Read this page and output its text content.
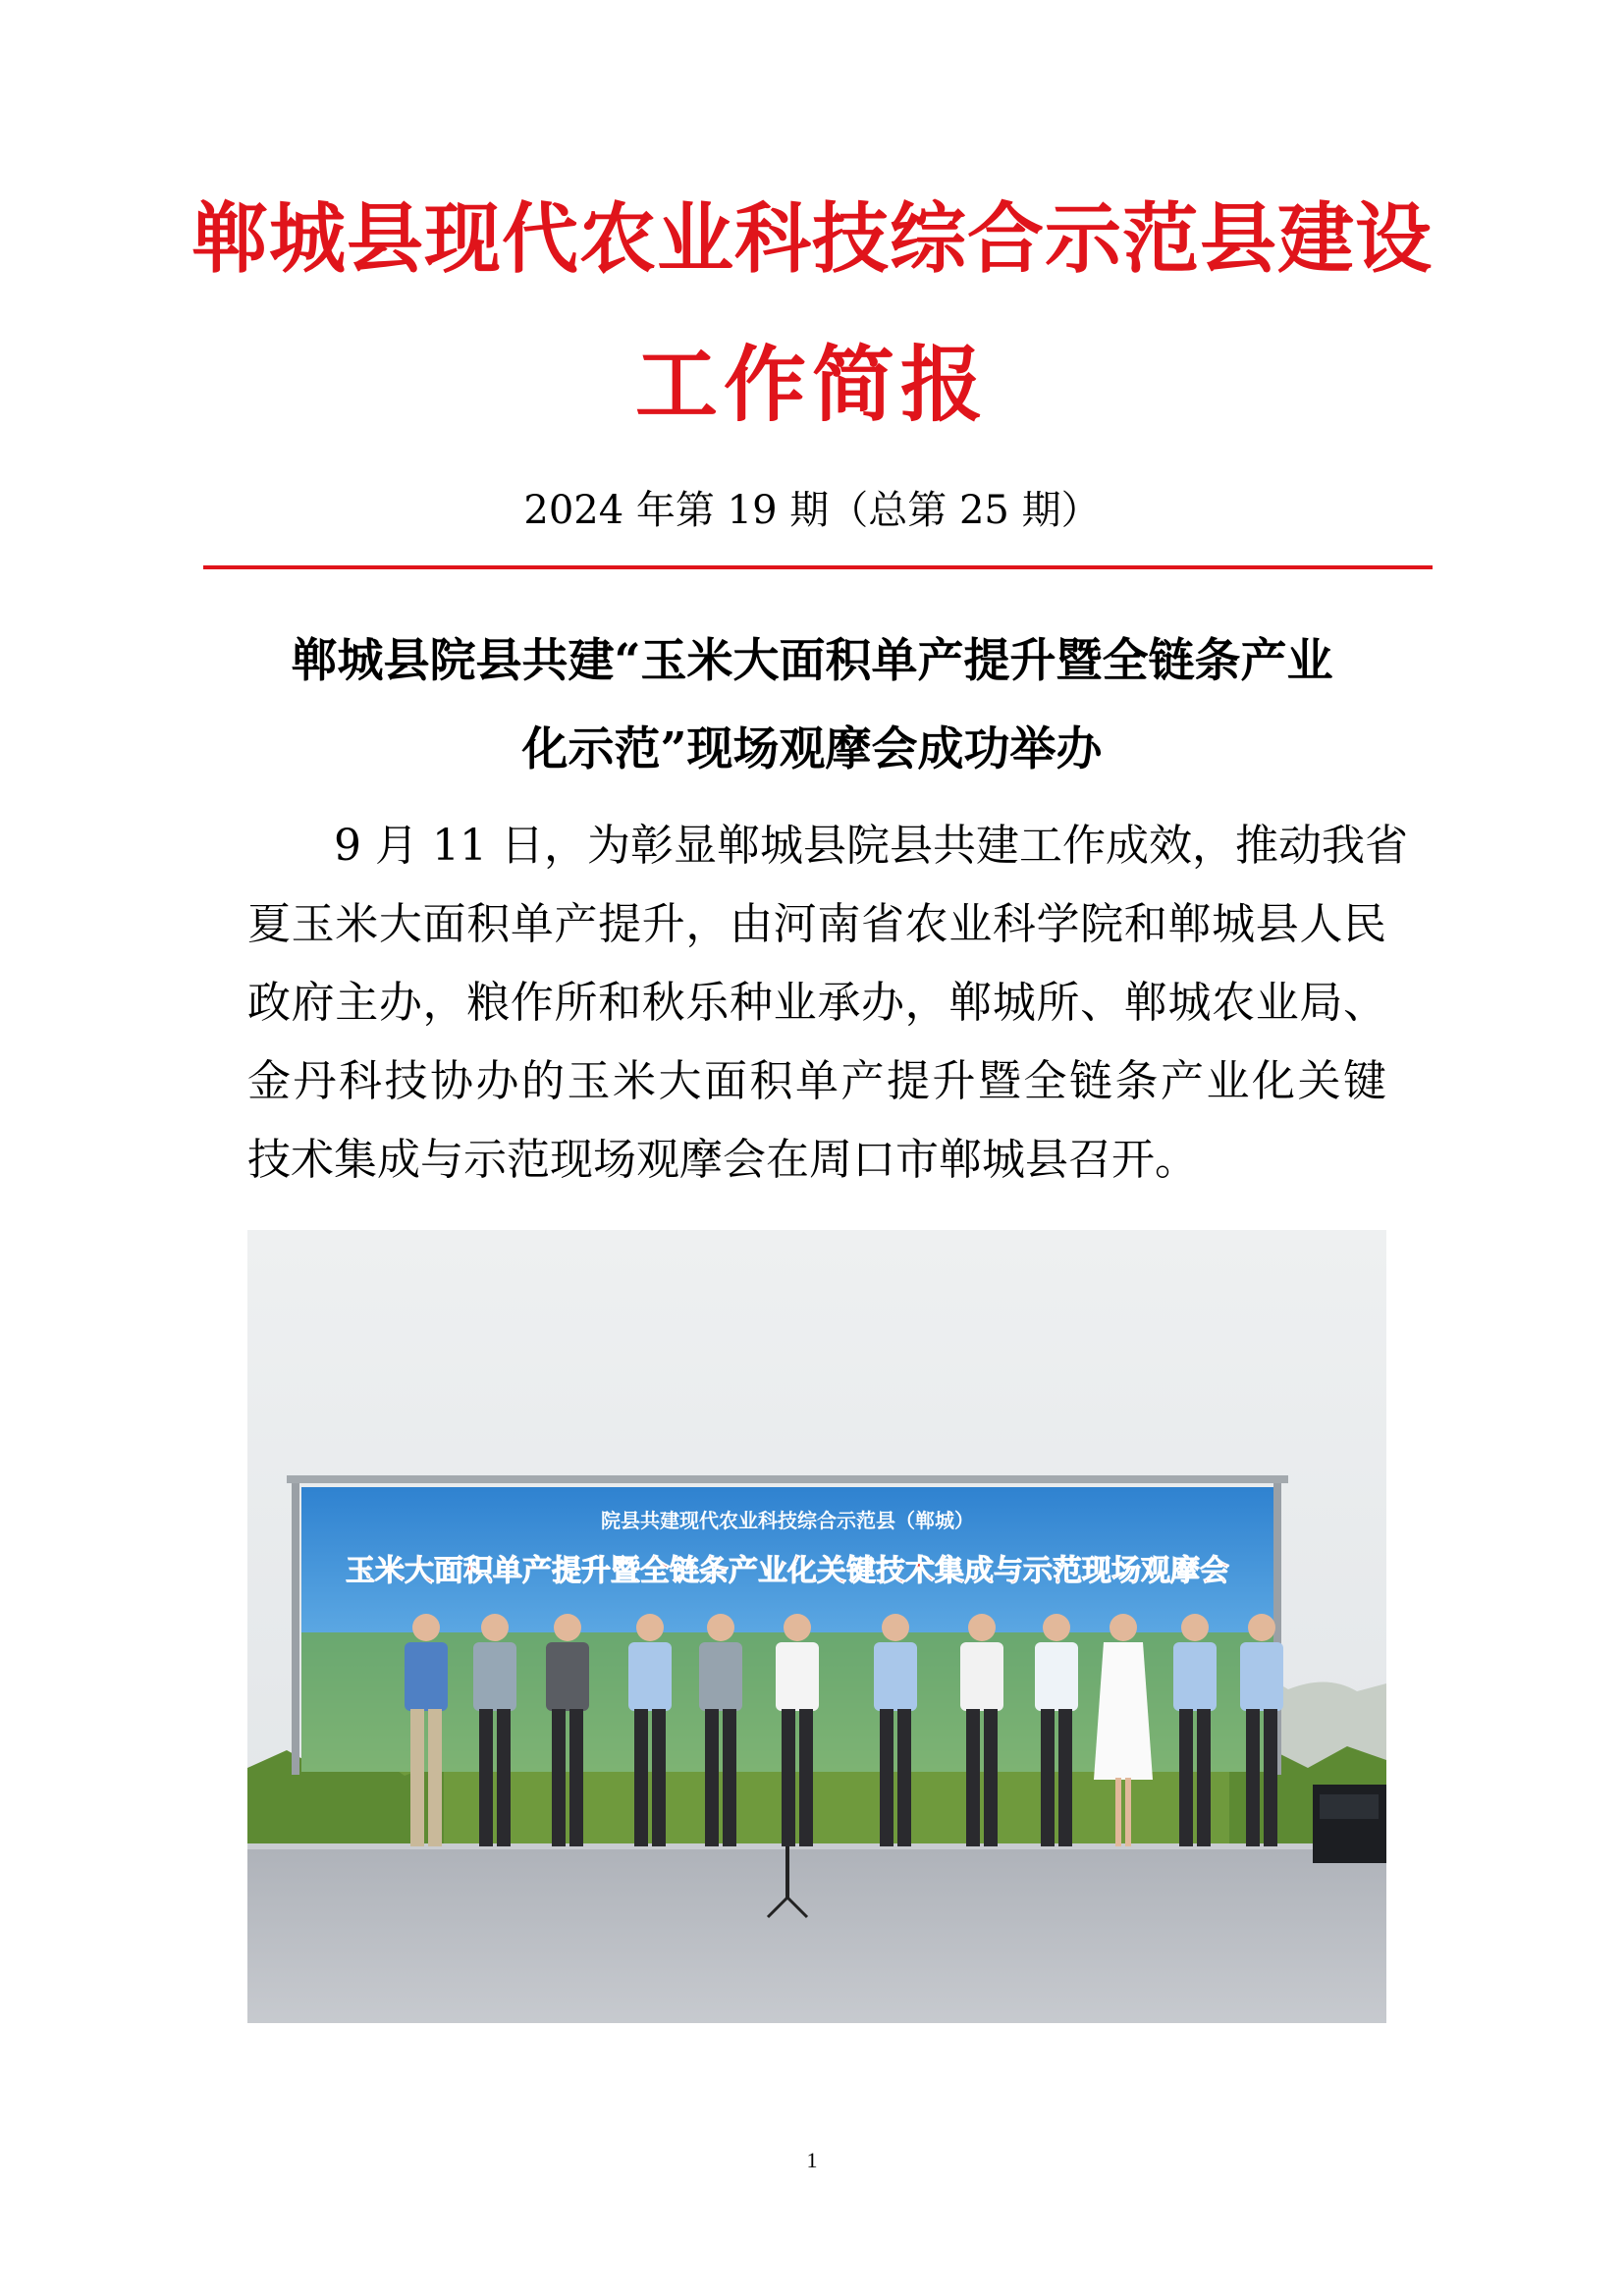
郸城县现代农业科技综合示范县建设
工作简报
2024 年第 19 期（总第 25 期）
郸城县院县共建“玉米大面积单产提升暨全链条产业
化示范”现场观摩会成功举办
9 月 11 日，为彰显郸城县院县共建工作成效，推动我省
夏玉米大面积单产提升，由河南省农业科学院和郸城县人民
政府主办，粮作所和秋乐种业承办，郸城所、郸城农业局、
金丹科技协办的玉米大面积单产提升暨全链条产业化关键
技术集成与示范现场观摩会在周口市郸城县召开。
院县共建现代农业科技综合示范县（郸城）
玉米大面积单产提升暨全链条产业化关键技术集成与示范现场观摩会
1
